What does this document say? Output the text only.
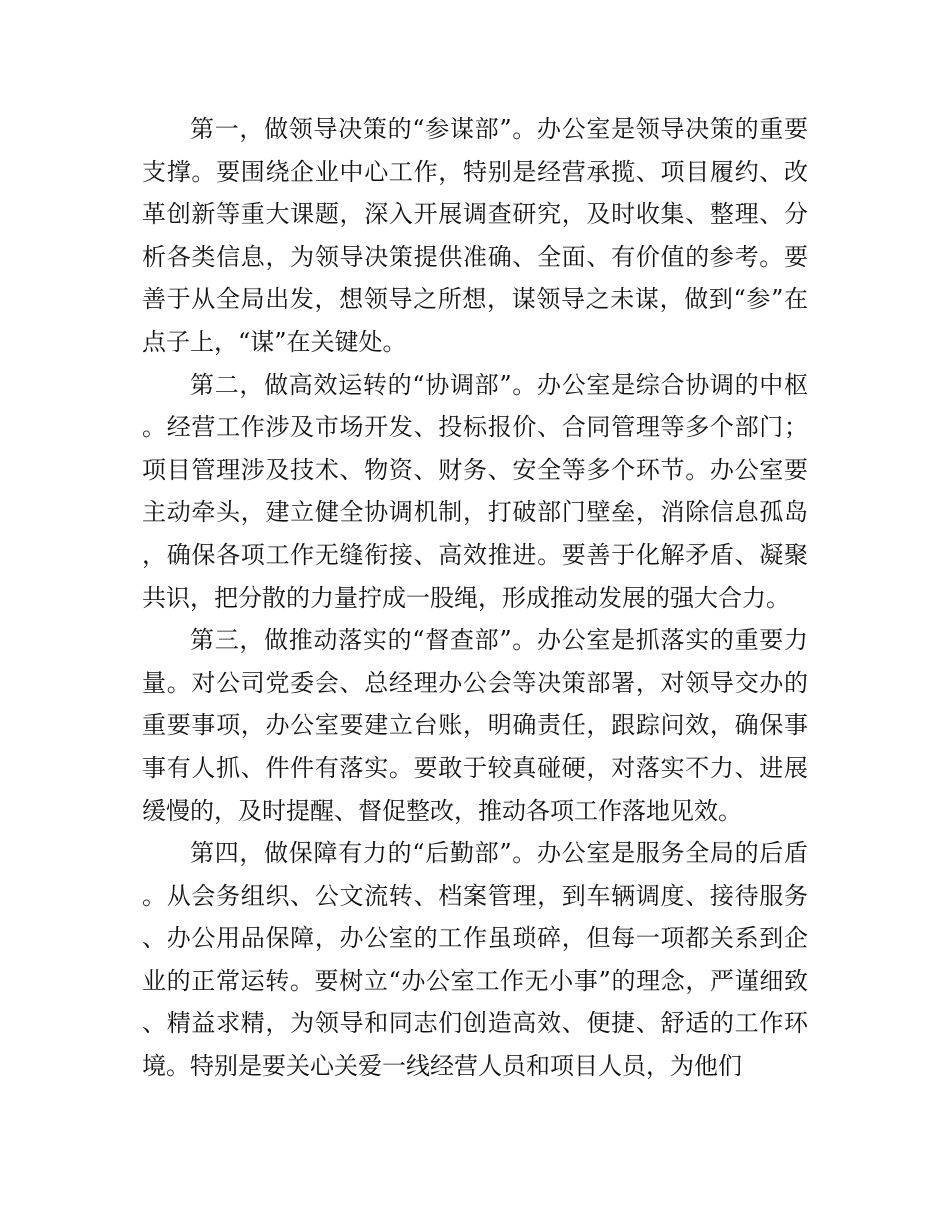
第一，做领导决策的“参谋部”。办公室是领导决策的重要支撑。要围绕企业中心工作，特别是经营承揽、项目履约、改革创新等重大课题，深入开展调查研究，及时收集、整理、分析各类信息，为领导决策提供准确、全面、有价值的参考。要善于从全局出发，想领导之所想，谋领导之未谋，做到“参”在点子上，“谋”在关键处。

第二，做高效运转的“协调部”。办公室是综合协调的中枢。经营工作涉及市场开发、投标报价、合同管理等多个部门；项目管理涉及技术、物资、财务、安全等多个环节。办公室要主动牵头，建立健全协调机制，打破部门壁垒，消除信息孤岛，确保各项工作无缝衔接、高效推进。要善于化解矛盾、凝聚共识，把分散的力量拧成一股绳，形成推动发展的强大合力。

第三，做推动落实的“督查部”。办公室是抓落实的重要力量。对公司党委会、总经理办公会等决策部署，对领导交办的重要事项，办公室要建立台账，明确责任，跟踪问效，确保事事有人抓、件件有落实。要敢于较真碰硬，对落实不力、进展缓慢的，及时提醒、督促整改，推动各项工作落地见效。

第四，做保障有力的“后勤部”。办公室是服务全局的后盾。从会务组织、公文流转、档案管理，到车辆调度、接待服务、办公用品保障，办公室的工作虽琐碎，但每一项都关系到企业的正常运转。要树立“办公室工作无小事”的理念，严谨细致、精益求精，为领导和同志们创造高效、便捷、舒适的工作环境。特别是要关心关爱一线经营人员和项目人员，为他们
